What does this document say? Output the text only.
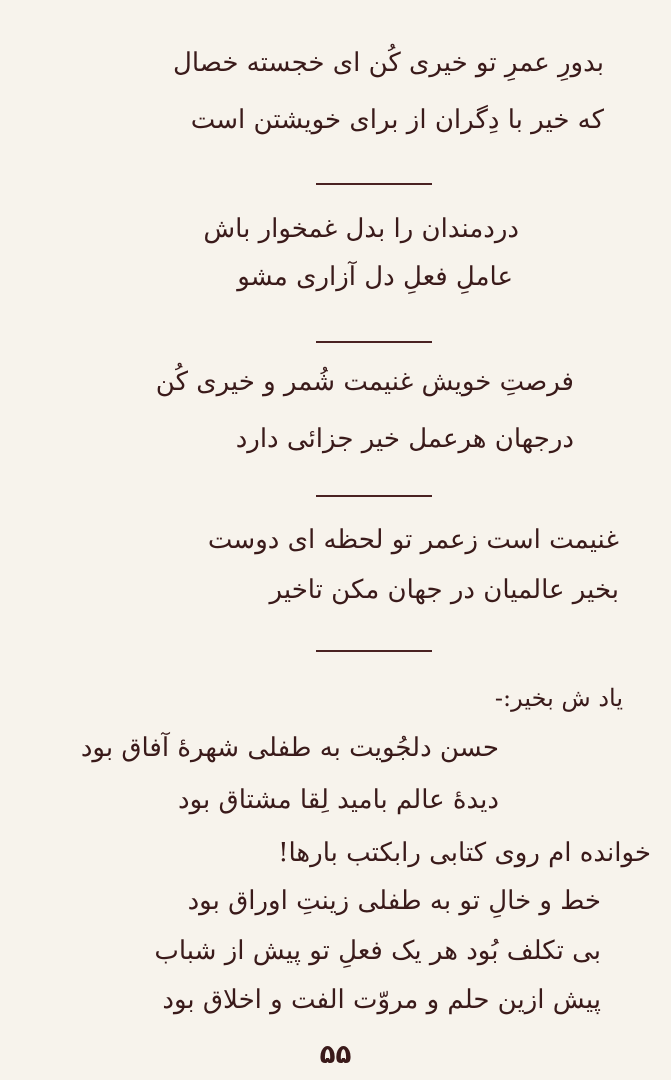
بدورِ عمرِ تو خیری کُن ای خجسته خصال
که خیر با دِگران از برای خویشتن است
دردمندان را بدل غمخوار باش
عاملِ فعلِ دل آزاری مشو
فرصتِ خویش غنیمت شُمر و خیری کُن
درجهان هرعمل خیر جزائی دارد
غنیمت است زعمر تو لحظه ای دوست
بخیر عالمیان در جهان مکن تاخیر
یاد ش بخیر:-
حسن دلجُویت به طفلی شهرهٔ آفاق بود
دیدهٔ عالم بامید لِقا مشتاق بود
خوانده ام روی کتابی رابکتب بارها!
خط و خالِ تو به طفلی زینتِ اوراق بود
بی تکلف بُود هر یک فعلِ تو پیش از شباب
پیش ازین حلم و مروّت الفت و اخلاق بود
۵۵
